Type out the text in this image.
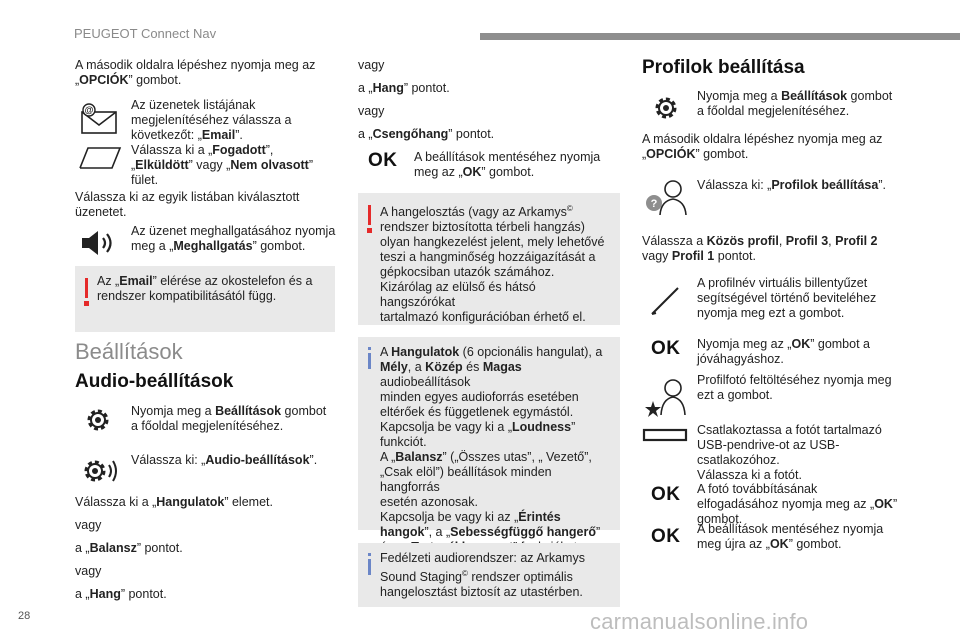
PEUGEOT Connect Nav
A második oldalra lépéshez nyomja meg az
„OPCIÓK” gombot.
@	Az üzenetek listájának
megjelenítéséhez válassza a
következőt: „Email”.
Válassza ki a „Fogadott”,
„Elküldött” vagy „Nem olvasott”
fület.
Válassza ki az egyik listában kiválasztott
üzenetet.
Az üzenet meghallgatásához nyomja
meg a „Meghallgatás” gombot.
Az „Email” elérése az okostelefon és a
rendszer kompatibilitásától függ.
Beállítások
Audio-beállítások
Nyomja meg a Beállítások gombot
a főoldal megjelenítéséhez.
Válassza ki: „Audio-beállítások”.
Válassza ki a „Hangulatok” elemet.
vagy
a „Balansz” pontot.
vagy
a „Hang” pontot.
vagy
a „Hang” pontot.
vagy
a „Csengőhang” pontot.
OK A beállítások mentéséhez nyomja
meg az „OK” gombot.
A hangelosztás (vagy az Arkamys©
rendszer biztosította térbeli hangzás)
olyan hangkezelést jelent, mely lehetővé
teszi a hangminőség hozzáigazítását a
gépkocsiban utazók számához.
Kizárólag az elülső és hátsó hangszórókat
tartalmazó konfigurációban érhető el.
A Hangulatok (6 opcionális hangulat), a
Mély, a Közép és Magas audiobeállítások
minden egyes audioforrás esetében
eltérőek és függetlenek egymástól.
Kapcsolja be vagy ki a „Loudness”
funkciót.
A „Balansz” („Összes utas”, „ Vezető”,
„Csak elöl”) beállítások minden hangforrás
esetén azonosak.
Kapcsolja be vagy ki az „Érintés
hangok”, a „Sebességfüggő hangerő”
Fedélzeti audiorendszer: az Arkamys
Sound Staging© rendszer optimális
hangelosztást biztosít az utastérben.
Profilok beállítása
Nyomja meg a Beállítások gombot
a főoldal megjelenítéséhez.
A második oldalra lépéshez nyomja meg az
„OPCIÓK” gombot.
?
Válassza ki: „Profilok beállítása”.
Válassza a Közös profil, Profil 3, Profil 2
vagy Profil 1 pontot.
A profilnév virtuális billentyűzet
segítségével történő beviteléhez
nyomja meg ezt a gombot.
OK Nyomja meg az „OK” gombot a
jóváhagyáshoz.
Profilfotó feltöltéséhez nyomja meg
ezt a gombot.
Csatlakoztassa a fotót tartalmazó
USB-pendrive-ot az USB-
csatlakozóhoz.
Válassza ki a fotót.
OK A fotó továbbításának
elfogadásához nyomja meg az „OK”
gombot.
OK A beállítások mentéséhez nyomja
meg újra az „OK” gombot.
28	carmanualsonline.info
